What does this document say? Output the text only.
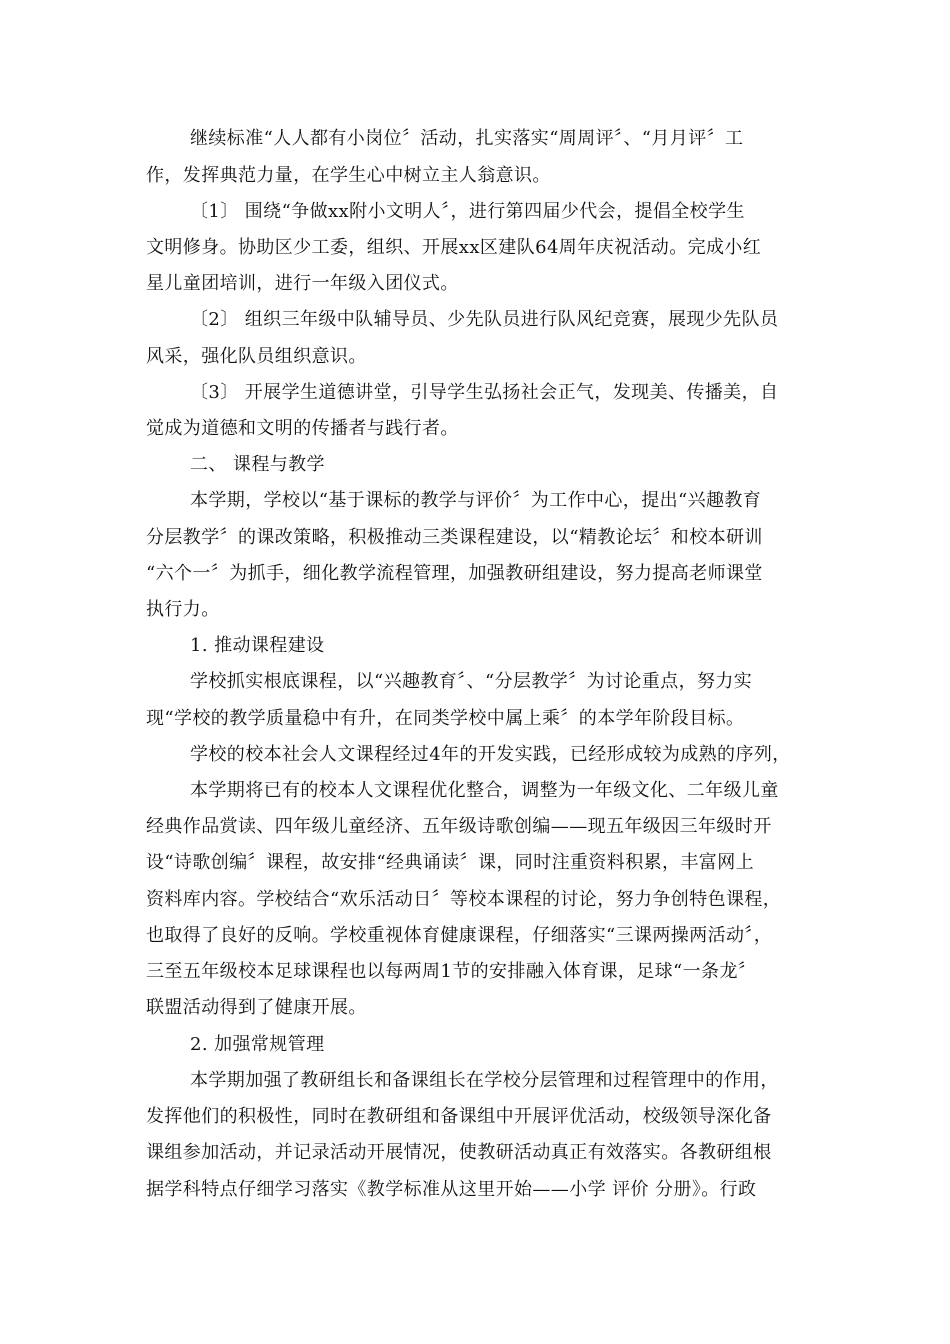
继续标准“人人都有小岗位〞活动，扎实落实“周周评〞、“月月评〞工
作，发挥典范力量，在学生心中树立主人翁意识。
〔1〕 围绕“争做xx附小文明人〞，进行第四届少代会，提倡全校学生
文明修身。协助区少工委，组织、开展xx区建队64周年庆祝活动。完成小红
星儿童团培训，进行一年级入团仪式。
〔2〕 组织三年级中队辅导员、少先队员进行队风纪竞赛，展现少先队员
风采，强化队员组织意识。
〔3〕 开展学生道德讲堂，引导学生弘扬社会正气，发现美、传播美，自
觉成为道德和文明的传播者与践行者。
二、 课程与教学
本学期，学校以“基于课标的教学与评价〞为工作中心，提出“兴趣教育
分层教学〞的课改策略，积极推动三类课程建设，以“精教论坛〞和校本研训
“六个一〞为抓手，细化教学流程管理，加强教研组建设，努力提高老师课堂
执行力。
1. 推动课程建设
学校抓实根底课程，以“兴趣教育〞、“分层教学〞为讨论重点，努力实
现“学校的教学质量稳中有升，在同类学校中属上乘〞的本学年阶段目标。
学校的校本社会人文课程经过4年的开发实践，已经形成较为成熟的序列，
本学期将已有的校本人文课程优化整合，调整为一年级文化、二年级儿童
经典作品赏读、四年级儿童经济、五年级诗歌创编——现五年级因三年级时开
设“诗歌创编〞课程，故安排“经典诵读〞课，同时注重资料积累，丰富网上
资料库内容。学校结合“欢乐活动日〞等校本课程的讨论，努力争创特色课程，
也取得了良好的反响。学校重视体育健康课程，仔细落实“三课两操两活动〞，
三至五年级校本足球课程也以每两周1节的安排融入体育课，足球“一条龙〞
联盟活动得到了健康开展。
2. 加强常规管理
本学期加强了教研组长和备课组长在学校分层管理和过程管理中的作用，
发挥他们的积极性，同时在教研组和备课组中开展评优活动，校级领导深化备
课组参加活动，并记录活动开展情况，使教研活动真正有效落实。各教研组根
据学科特点仔细学习落实《教学标准从这里开始——小学 评价 分册》。行政
